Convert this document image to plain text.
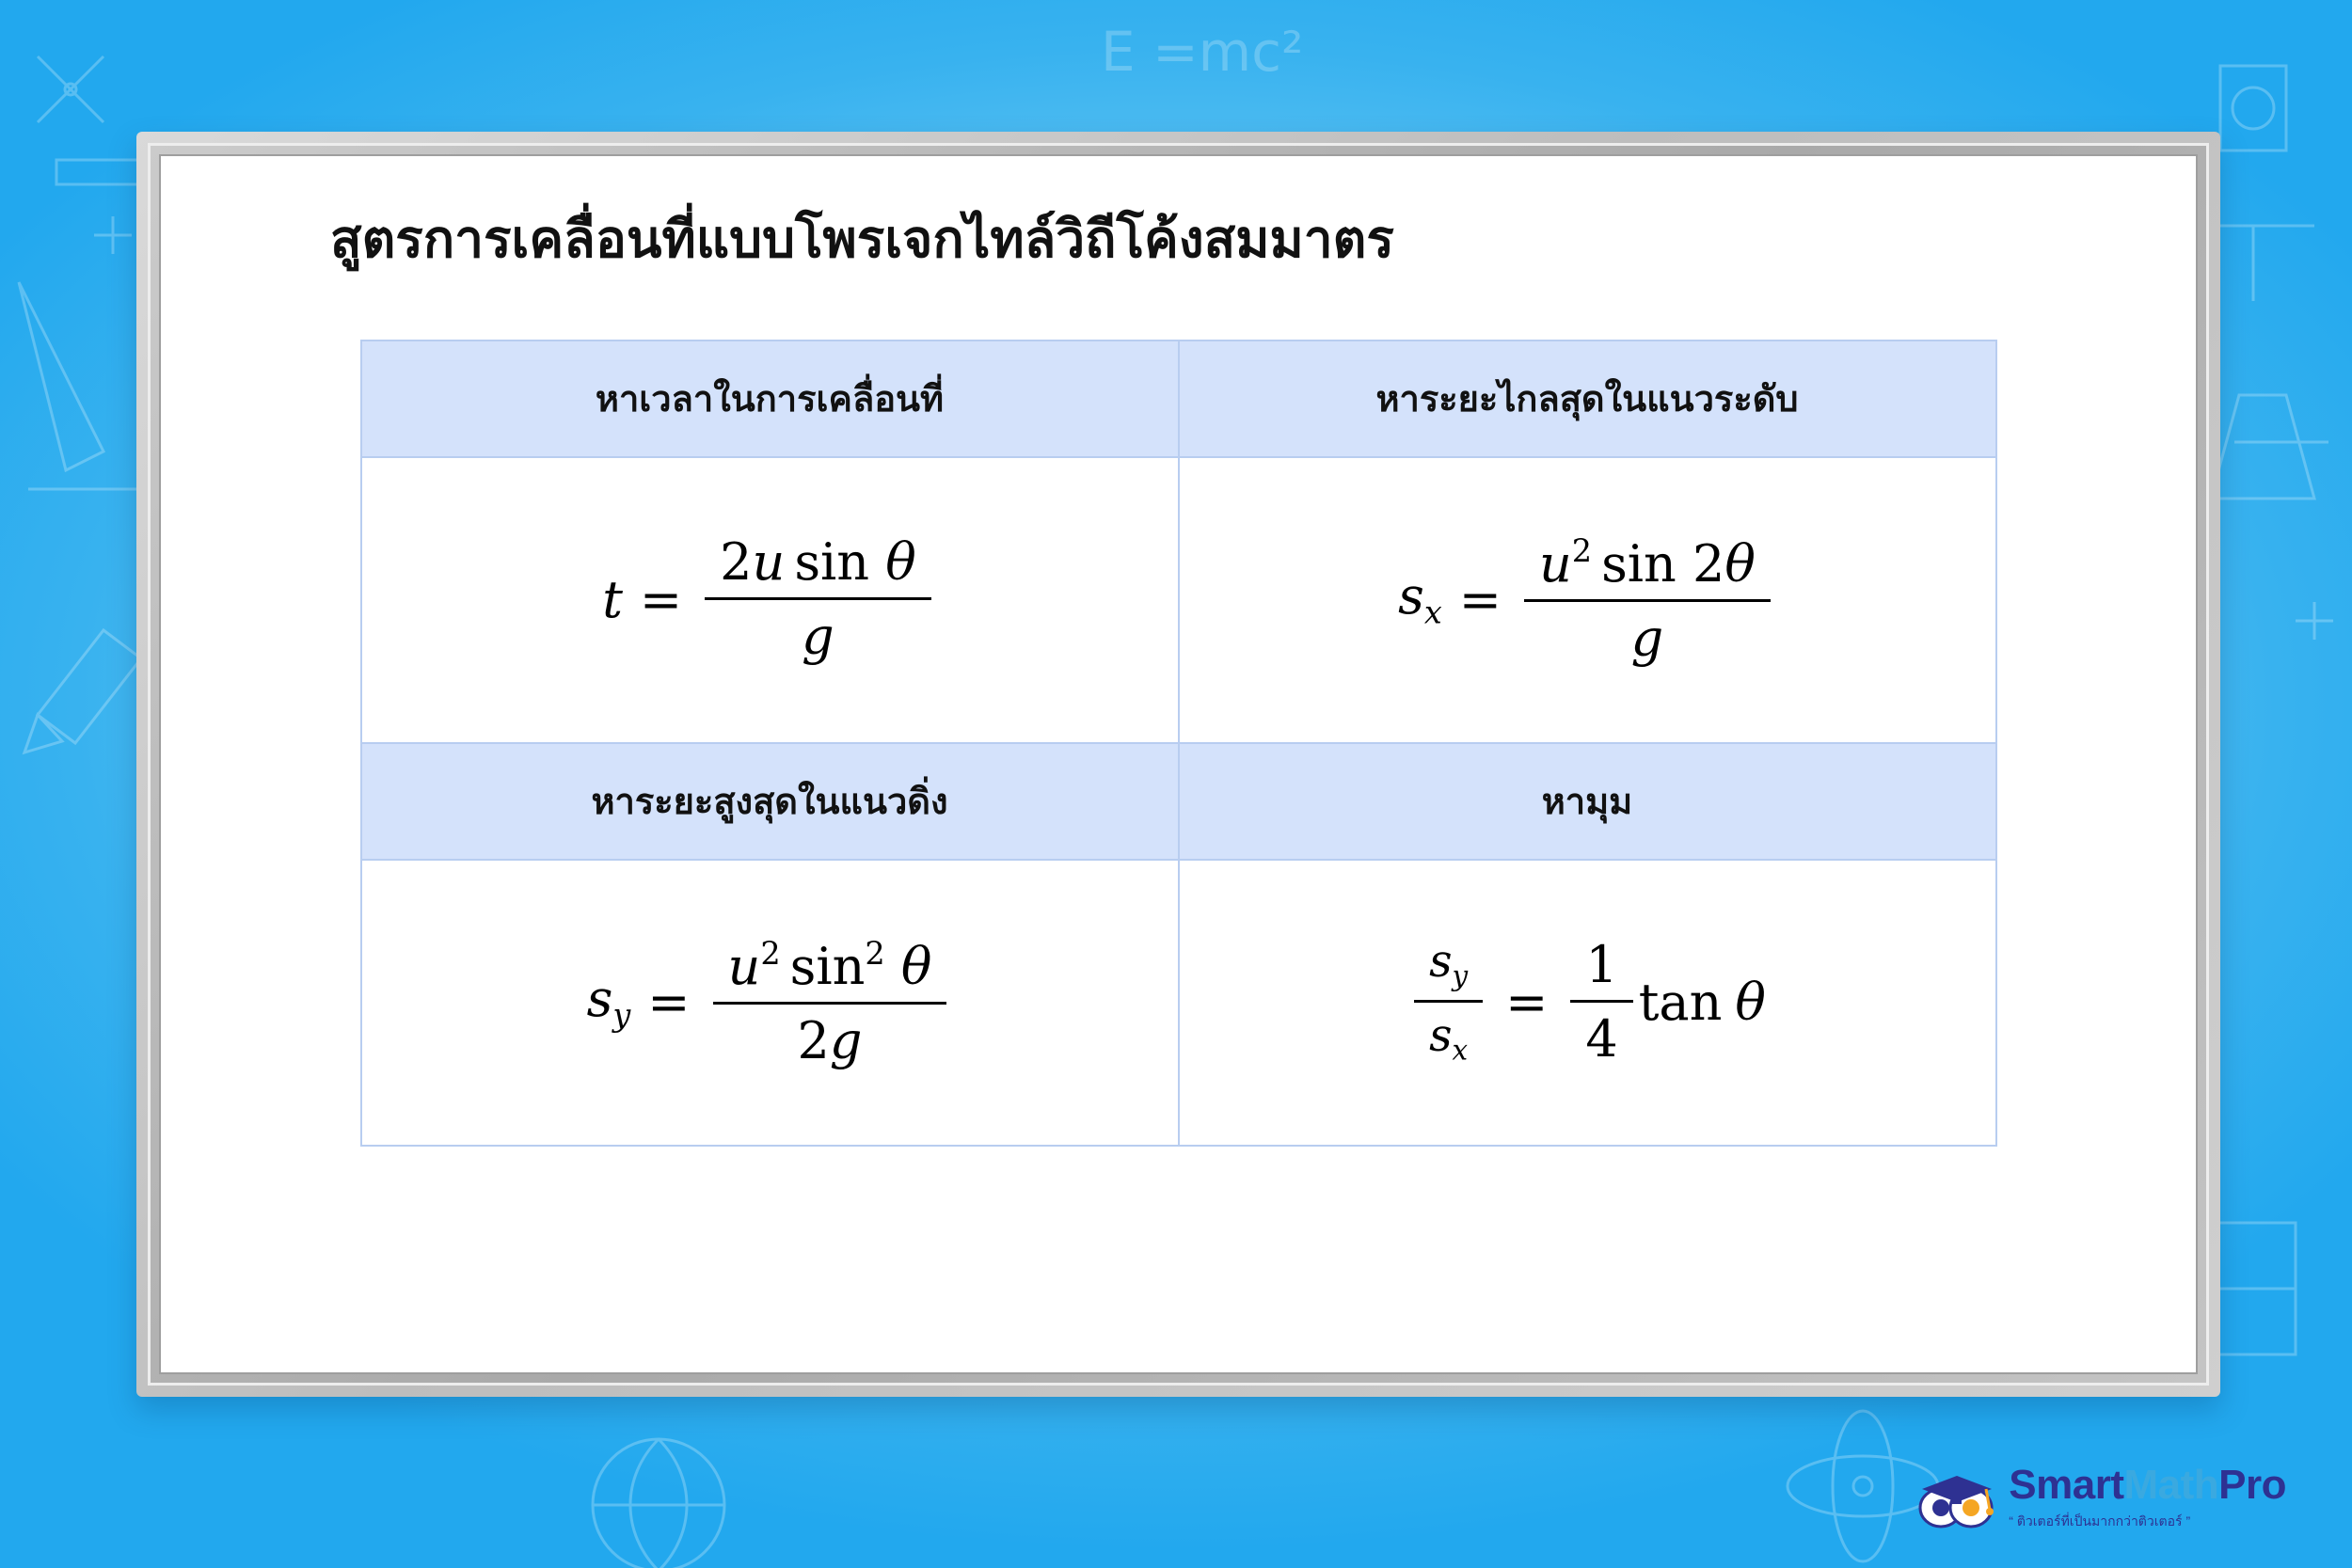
E =mc²
สูตรการเคลื่อนที่แบบโพรเจกไทล์วิถีโค้งสมมาตร
หาเวลาในการเคลื่อนที่	หาระยะไกลสุดในแนวระดับ

$t = \frac{\text{2u sin θ}}{g}$	$s_x = \frac{u^2 \sin 2\theta}{g}$

หาระยะสูงสุดในแนวดิ่ง	หามุม

$s_y = \frac{u^2 \sin^2 \theta}{2g}$	$\frac{s_y}{s_x} = \frac{1}{4}$ tan θ
SmartMathPro
“ ติวเตอร์ที่เป็นมากกว่าติวเตอร์ ”
